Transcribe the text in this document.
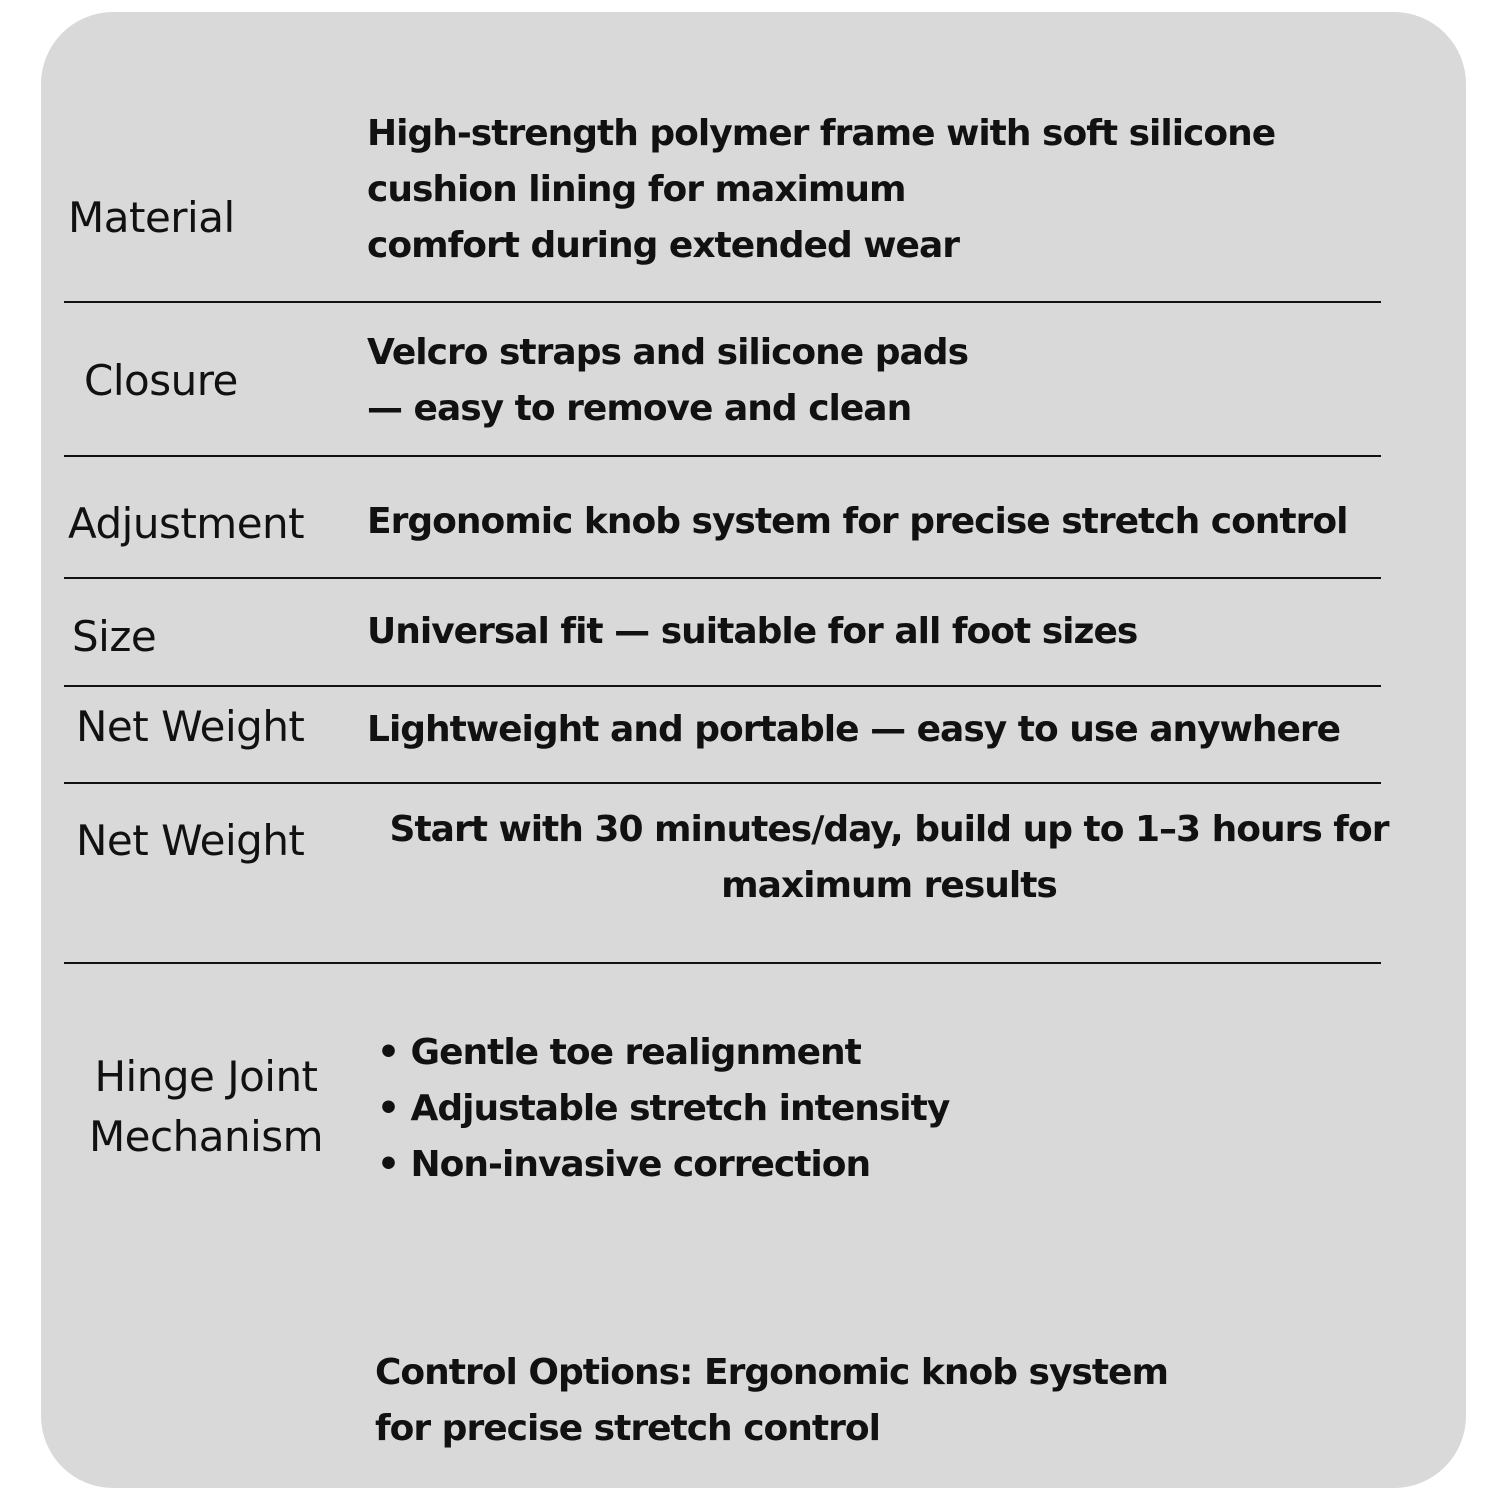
Material
High-strength polymer frame with soft silicone
cushion lining for maximum
comfort during extended wear
Closure
Velcro straps and silicone pads
— easy to remove and clean
Adjustment Ergonomic knob system for precise stretch control
Size	Universal fit — suitable for all foot sizes
Net Weight Lightweight and portable — easy to use anywhere
Net Weight	Start with 30 minutes/day, build up to 1–3 hours for
maximum results
Hinge Joint
Mechanism
• Gentle toe realignment
• Adjustable stretch intensity
• Non-invasive correction
Control Options: Ergonomic knob system
for precise stretch control
